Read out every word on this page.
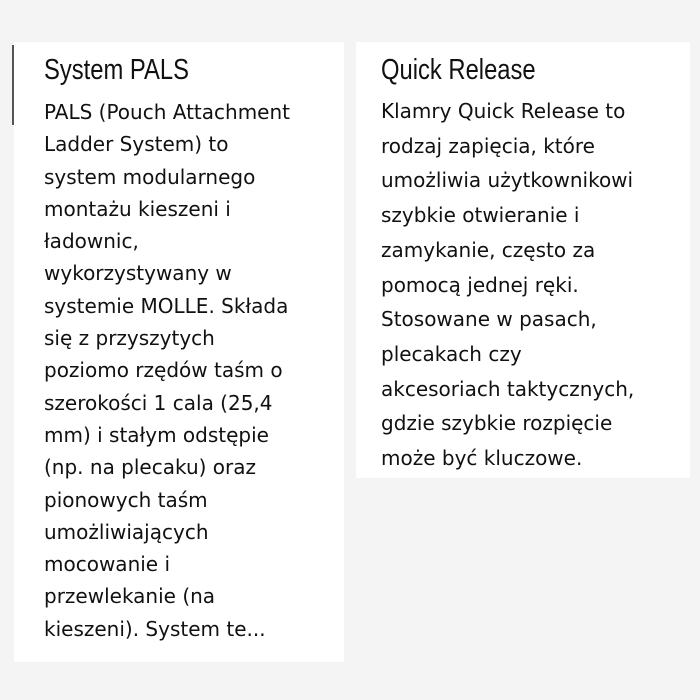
System PALS
PALS (Pouch Attachment
Ladder System) to
system modularnego
montażu kieszeni i
ładownic,
wykorzystywany w
systemie MOLLE. Składa
się z przyszytych
poziomo rzędów taśm o
szerokości 1 cala (25,4
mm) i stałym odstępie
(np. na plecaku) oraz
pionowych taśm
umożliwiających
mocowanie i
przewlekanie (na
kieszeni). System te...
Quick Release
Klamry Quick Release to
rodzaj zapięcia, które
umożliwia użytkownikowi
szybkie otwieranie i
zamykanie, często za
pomocą jednej ręki.
Stosowane w pasach,
plecakach czy
akcesoriach taktycznych,
gdzie szybkie rozpięcie
może być kluczowe.
